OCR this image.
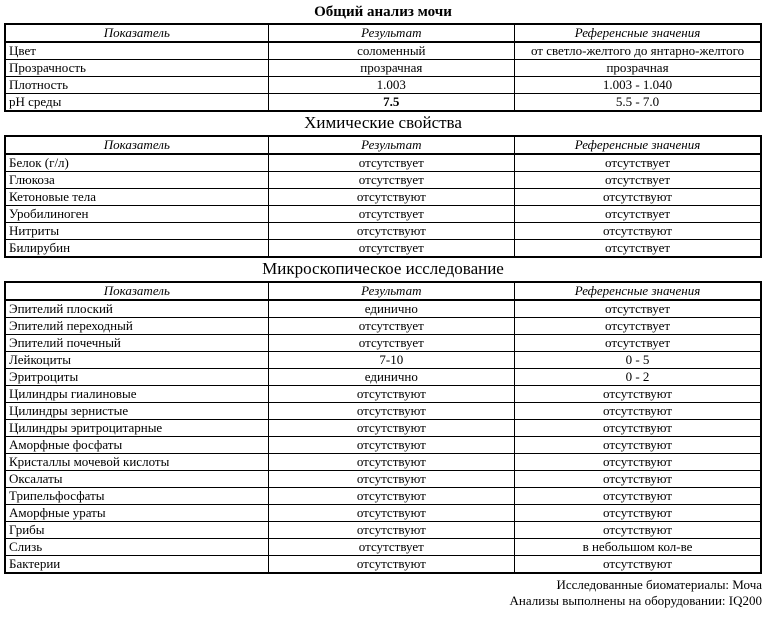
Общий анализ мочи
Показатель	Результат	Референсные значения
Цвет	соломенный	от светло-желтого до янтарно-желтого
Прозрачность	прозрачная	прозрачная
Плотность	1.003	1.003 - 1.040
pH среды	7.5	5.5 - 7.0
Химические свойства
Показатель	Результат	Референсные значения
Белок (г/л)	отсутствует	отсутствует
Глюкоза	отсутствует	отсутствует
Кетоновые тела	отсутствуют	отсутствуют
Уробилиноген	отсутствует	отсутствует
Нитриты	отсутствуют	отсутствуют
Билирубин	отсутствует	отсутствует
Микроскопическое исследование
Показатель	Результат	Референсные значения
Эпителий плоский	единично	отсутствует
Эпителий переходный	отсутствует	отсутствует
Эпителий почечный	отсутствует	отсутствует
Лейкоциты	7-10	0 - 5
Эритроциты	единично	0 - 2
Цилиндры гиалиновые	отсутствуют	отсутствуют
Цилиндры зернистые	отсутствуют	отсутствуют
Цилиндры эритроцитарные	отсутствуют	отсутствуют
Аморфные фосфаты	отсутствуют	отсутствуют
Кристаллы мочевой кислоты	отсутствуют	отсутствуют
Оксалаты	отсутствуют	отсутствуют
Трипельфосфаты	отсутствуют	отсутствуют
Аморфные ураты	отсутствуют	отсутствуют
Грибы	отсутствуют	отсутствуют
Слизь	отсутствует	в небольшом кол-ве
Бактерии	отсутствуют	отсутствуют
Исследованные биоматериалы: Моча
Анализы выполнены на оборудовании: IQ200
